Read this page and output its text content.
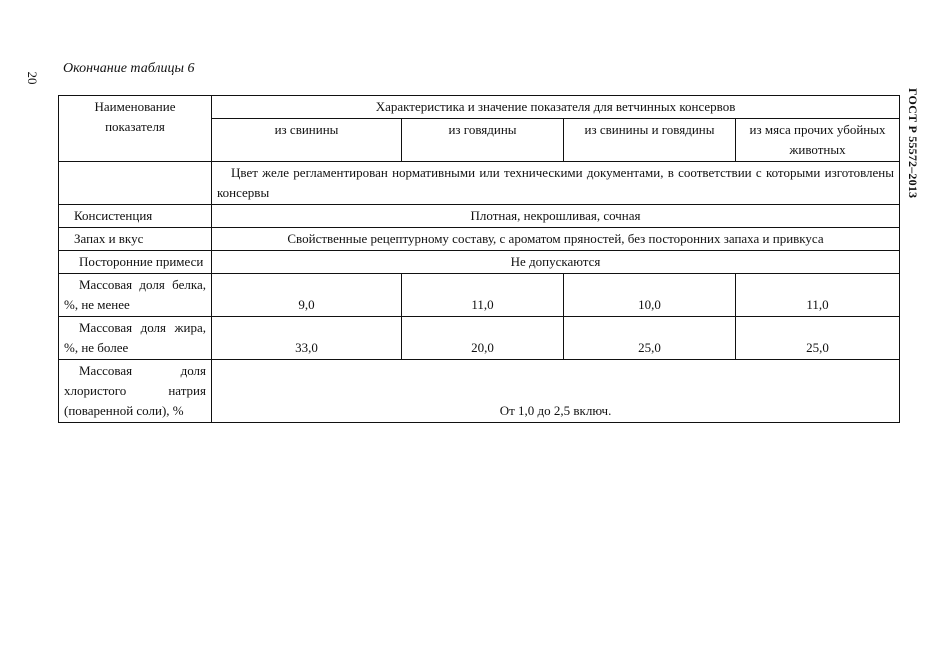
20
ГОСТ Р 55572–2013
Окончание таблицы 6
Наименование показателя	Характеристика и значение показателя для ветчинных консервов			
	из свинины	из говядины	из свинины и говядины	из мяса прочих убойных животных
	Цвет желе регламентирован нормативными или техническими документами, в соответствии с которыми изготовлены консервы			
Консистенция	Плотная, некрошливая, сочная			
Запах и вкус	Свойственные рецептурному составу, с ароматом пряностей, без посторонних запаха и привкуса			
Посторонние примеси	Не допускаются			
Массовая доля белка, %, не менее	9,0	11,0	10,0	11,0
Массовая доля жира, %, не более	33,0	20,0	25,0	25,0
Массовая доля хлористого натрия (поваренной соли), %	От 1,0 до 2,5 включ.			
